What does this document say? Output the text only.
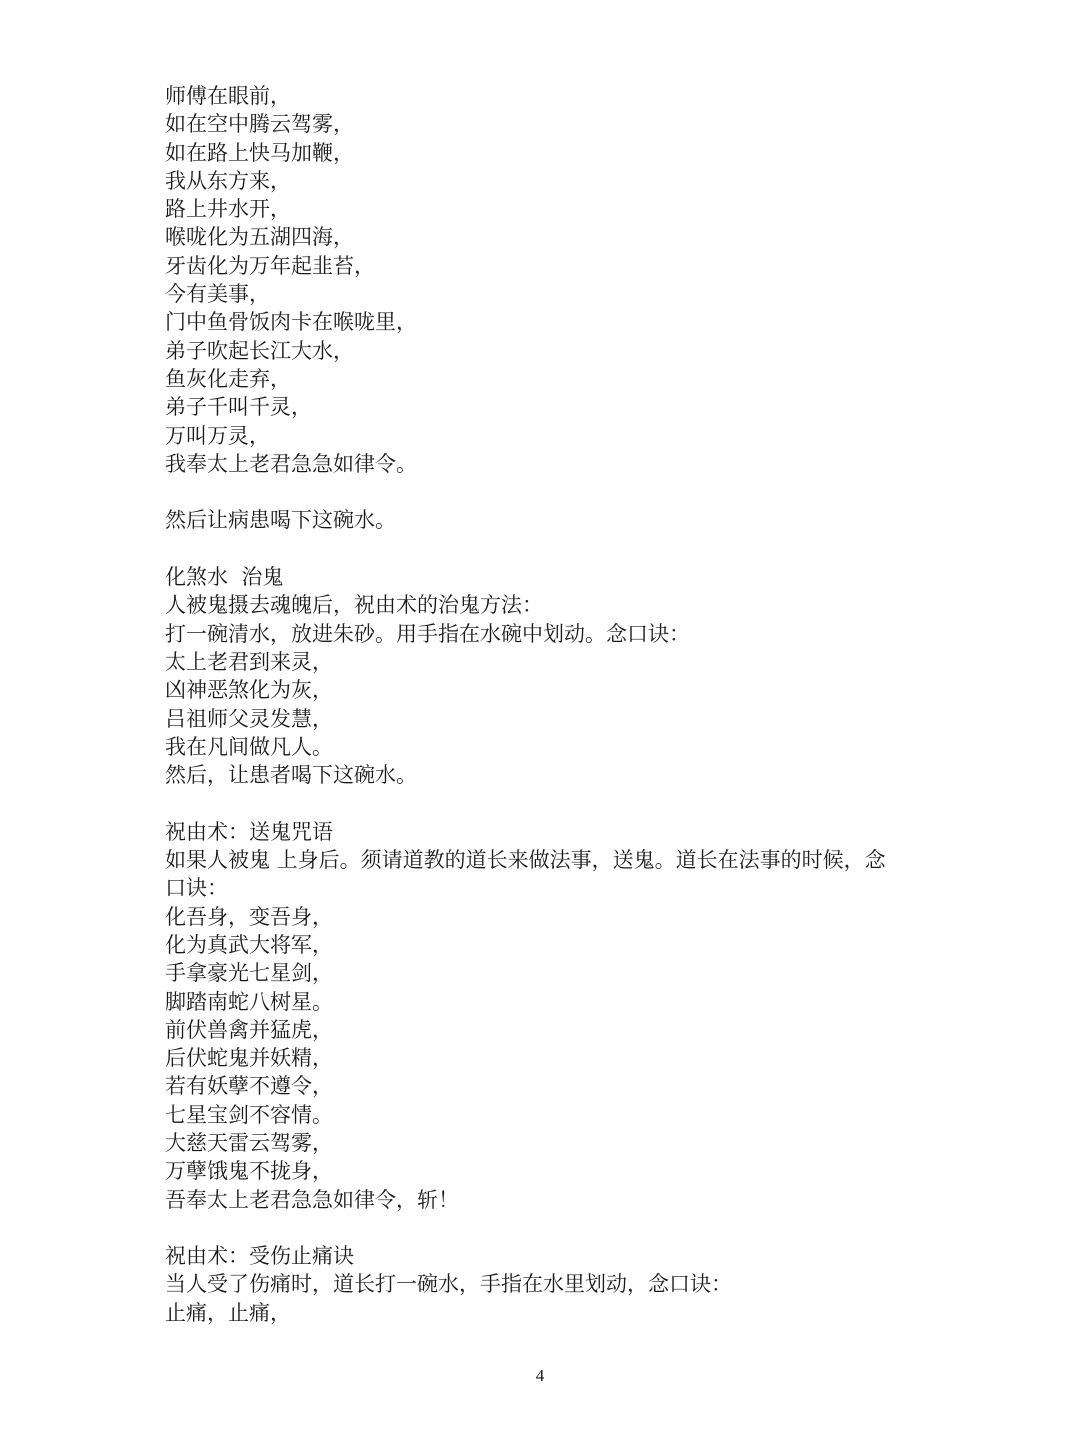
师傅在眼前，
如在空中腾云驾雾，
如在路上快马加鞭，
我从东方来，
路上井水开，
喉咙化为五湖四海，
牙齿化为万年起韭苔，
今有美事，
门中鱼骨饭肉卡在喉咙里，
弟子吹起长江大水，
鱼灰化走弃，
弟子千叫千灵，
万叫万灵，
我奉太上老君急急如律令。
然后让病患喝下这碗水。
化煞水  治鬼
人被鬼摄去魂魄后，祝由术的治鬼方法：
打一碗清水，放进朱砂。用手指在水碗中划动。念口诀：
太上老君到来灵，
凶神恶煞化为灰，
吕祖师父灵发慧，
我在凡间做凡人。
然后，让患者喝下这碗水。
祝由术：送鬼咒语
如果人被鬼 上身后。须请道教的道长来做法事，送鬼。道长在法事的时候，念
口诀：
化吾身，变吾身，
化为真武大将军，
手拿豪光七星剑，
脚踏南蛇八树星。
前伏兽禽并猛虎，
后伏蛇鬼并妖精，
若有妖孽不遵令，
七星宝剑不容情。
大慈天雷云驾雾，
万孽饿鬼不拢身，
吾奉太上老君急急如律令，斩！
祝由术：受伤止痛诀
当人受了伤痛时，道长打一碗水，手指在水里划动，念口诀：
止痛，止痛，
4
